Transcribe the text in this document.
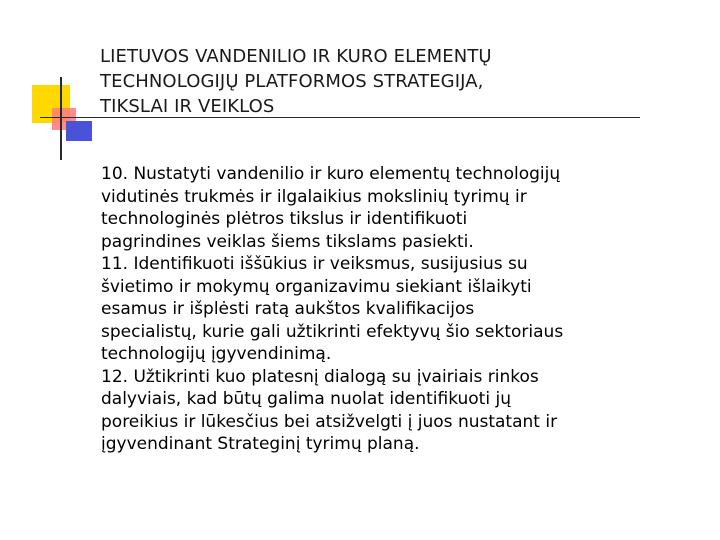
LIETUVOS VANDENILIO IR KURO ELEMENTŲ
TECHNOLOGIJŲ PLATFORMOS STRATEGIJA,
TIKSLAI IR VEIKLOS
10. Nustatyti vandenilio ir kuro elementų technologijų
vidutinės trukmės ir ilgalaikius mokslinių tyrimų ir
technologinės plėtros tikslus ir identifikuoti
pagrindines veiklas šiems tikslams pasiekti.
11. Identifikuoti iššūkius ir veiksmus, susijusius su
švietimo ir mokymų organizavimu siekiant išlaikyti
esamus ir išplėsti ratą aukštos kvalifikacijos
specialistų, kurie gali užtikrinti efektyvų šio sektoriaus
technologijų įgyvendinimą.
12. Užtikrinti kuo platesnį dialogą su įvairiais rinkos
dalyviais, kad būtų galima nuolat identifikuoti jų
poreikius ir lūkesčius bei atsižvelgti į juos nustatant ir
įgyvendinant Strateginį tyrimų planą.
